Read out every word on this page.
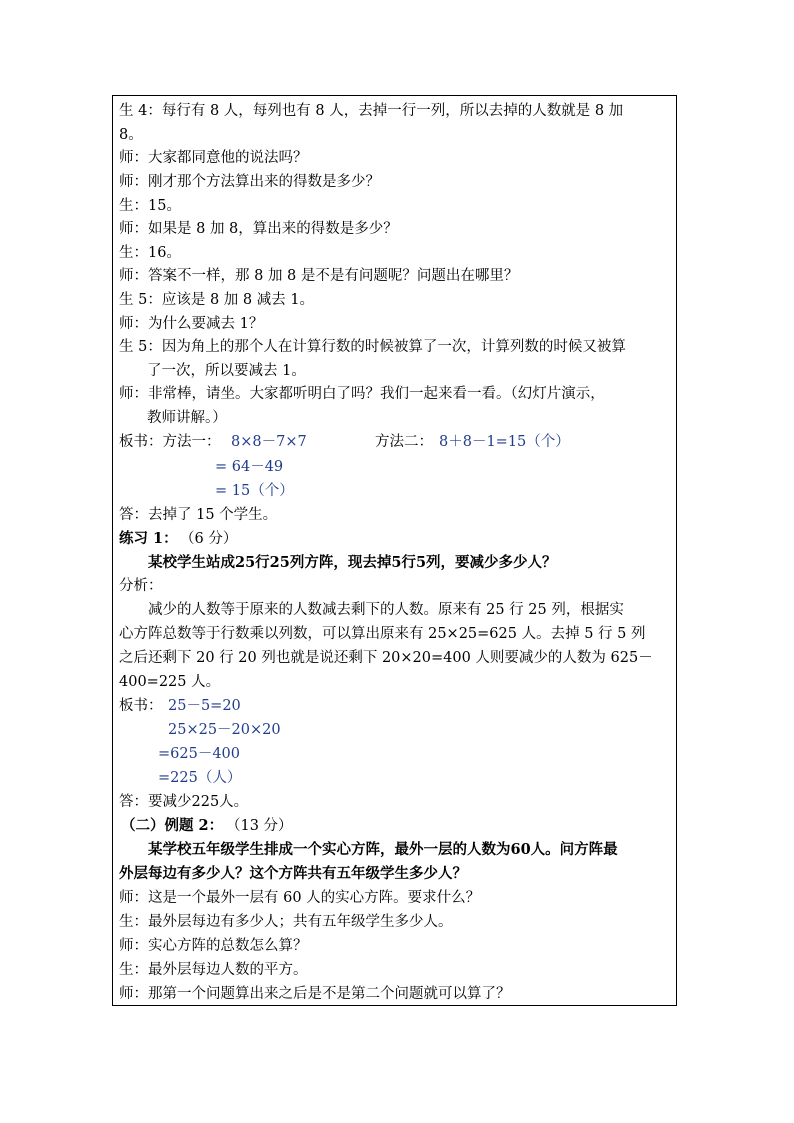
生 4：每行有 8 人，每列也有 8 人，去掉一行一列，所以去掉的人数就是 8 加
8。
师：大家都同意他的说法吗？
师：刚才那个方法算出来的得数是多少？
生：15。
师：如果是 8 加 8，算出来的得数是多少？
生：16。
师：答案不一样，那 8 加 8 是不是有问题呢？问题出在哪里？
生 5：应该是 8 加 8 减去 1。
师：为什么要减去 1？
生 5：因为角上的那个人在计算行数的时候被算了一次，计算列数的时候又被算
了一次，所以要减去 1。
师：非常棒，请坐。大家都听明白了吗？我们一起来看一看。（幻灯片演示，
教师讲解。）
板书：方法一： 8×8－7×7	方法二： 8＋8－1=15（个）
= 64－49
= 15（个）
答：去掉了 15 个学生。
练习 1： （6 分）
某校学生站成25行25列方阵，现去掉5行5列，要减少多少人？
分析：
减少的人数等于原来的人数减去剩下的人数。原来有 25 行 25 列，根据实
心方阵总数等于行数乘以列数，可以算出原来有 25×25=625 人。去掉 5 行 5 列
之后还剩下 20 行 20 列也就是说还剩下 20×20=400 人则要减少的人数为 625－
400=225 人。
板书： 25－5=20
25×25－20×20
=625－400
=225（人）
答：要减少225人。
（二）例题 2： （13 分）
某学校五年级学生排成一个实心方阵，最外一层的人数为60人。问方阵最
外层每边有多少人？这个方阵共有五年级学生多少人？
师：这是一个最外一层有 60 人的实心方阵。要求什么？
生：最外层每边有多少人；共有五年级学生多少人。
师：实心方阵的总数怎么算？
生：最外层每边人数的平方。
师：那第一个问题算出来之后是不是第二个问题就可以算了？
